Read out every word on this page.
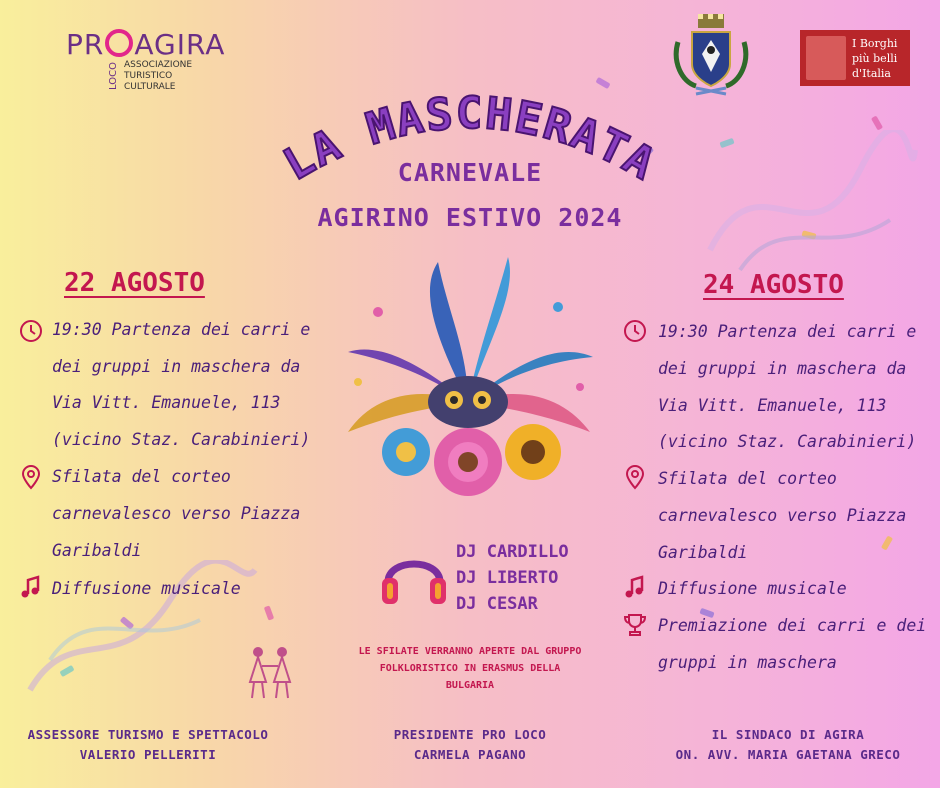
PR AGIRA
LOCO ASSOCIAZIONE
TURISTICO
CULTURALE
I Borghi
più belli
d'Italia
LA MASCHERATA
CARNEVALE
AGIRINO ESTIVO 2024
22 AGOSTO
19:30 Partenza dei carri e
dei gruppi in maschera da
Via Vitt. Emanuele, 113
(vicino Staz. Carabinieri)
Sfilata del corteo
carnevalesco verso Piazza
Garibaldi
Diffusione musicale
DJ CARDILLO
DJ LIBERTO
DJ CESAR
LE SFILATE VERRANNO APERTE DAL GRUPPO
FOLKLORISTICO IN ERASMUS DELLA
BULGARIA
24 AGOSTO
19:30 Partenza dei carri e
dei gruppi in maschera da
Via Vitt. Emanuele, 113
(vicino Staz. Carabinieri)
Sfilata del corteo
carnevalesco verso Piazza
Garibaldi
Diffusione musicale
Premiazione dei carri e dei
gruppi in maschera
ASSESSORE TURISMO E SPETTACOLO
VALERIO PELLERITI
PRESIDENTE PRO LOCO
CARMELA PAGANO
IL SINDACO DI AGIRA
ON. AVV. MARIA GAETANA GRECO
